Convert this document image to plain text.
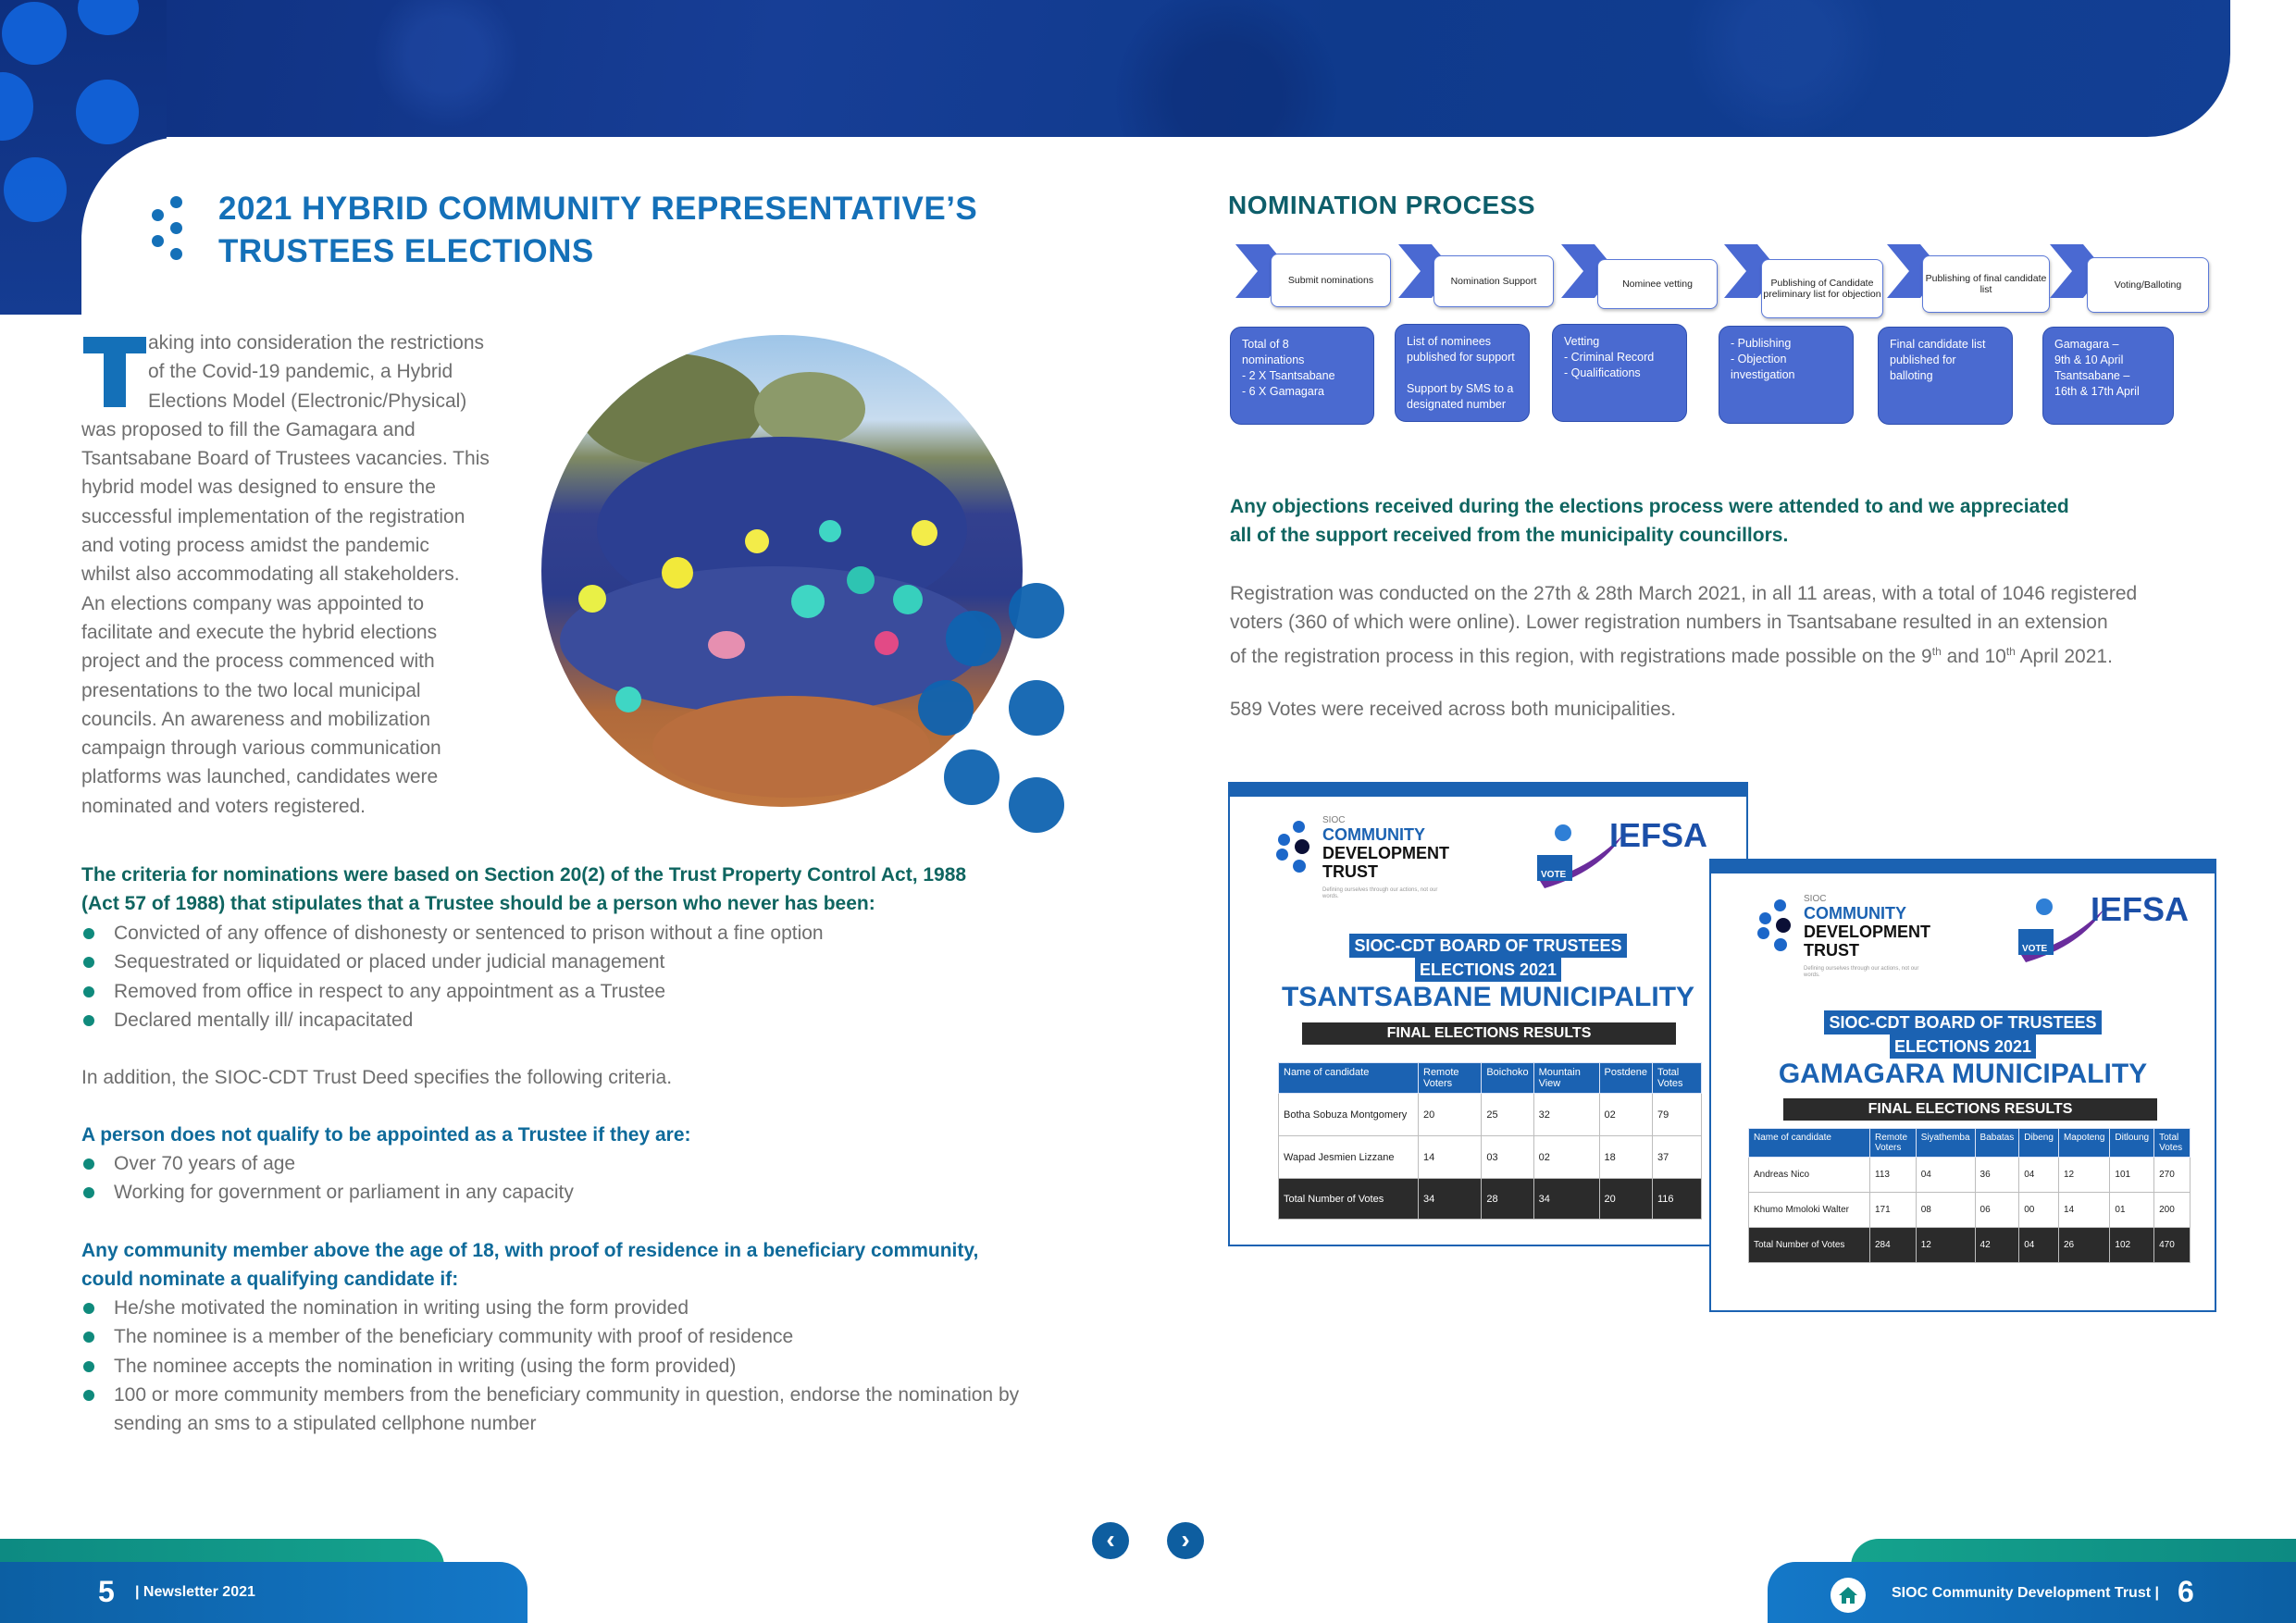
2021 HYBRID COMMUNITY REPRESENTATIVE’S
TRUSTEES ELECTIONS
aking into consideration the restrictions
of the Covid-19 pandemic, a Hybrid
Elections Model (Electronic/Physical)
was proposed to fill the Gamagara and
Tsantsabane Board of Trustees vacancies. This
hybrid model was designed to ensure the
successful implementation of the registration
and voting process amidst the pandemic
whilst also accommodating all stakeholders.
An elections company was appointed to
facilitate and execute the hybrid elections
project and the process commenced with
presentations to the two local municipal
councils. An awareness and mobilization
campaign through various communication
platforms was launched, candidates were
nominated and voters registered.
The criteria for nominations were based on Section 20(2) of the Trust Property Control Act, 1988
(Act 57 of 1988) that stipulates that a Trustee should be a person who never has been:
Convicted of any offence of dishonesty or sentenced to prison without a fine option
Sequestrated or liquidated or placed under judicial management
Removed from office in respect to any appointment as a Trustee
Declared mentally ill/ incapacitated
In addition, the SIOC-CDT Trust Deed specifies the following criteria.
A person does not qualify to be appointed as a Trustee if they are:
Over 70 years of age
Working for government or parliament in any capacity
Any community member above the age of 18, with proof of residence in a beneficiary community,
could nominate a qualifying candidate if:
He/she motivated the nomination in writing using the form provided
The nominee is a member of the beneficiary community with proof of residence
The nominee accepts the nomination in writing (using the form provided)
100 or more community members from the beneficiary community in question, endorse the nomination by sending an sms to a stipulated cellphone number
NOMINATION PROCESS
Submit nominations
Total of 8
nominations
- 2 X Tsantsabane
- 6 X Gamagara
Nomination Support
List of nominees
published for support

Support by SMS to a
designated number
Nominee vetting
Vetting
- Criminal Record
- Qualifications
Publishing of Candidate preliminary list for objection
- Publishing
- Objection
investigation
Publishing of final candidate list
Final candidate list
published for
balloting
Voting/Balloting
Gamagara –
9th & 10 April
Tsantsabane –
16th & 17th April
Any objections received during the elections process were attended to and we appreciated
all of the support received from the municipality councillors.
Registration was conducted on the 27th & 28th March 2021, in all 11 areas, with a total of 1046 registered
voters (360 of which were online). Lower registration numbers in Tsantsabane resulted in an extension
of the registration process in this region, with registrations made possible on the 9th and 10th April 2021.
589 Votes were received across both municipalities.
SIOC
COMMUNITY
DEVELOPMENT
TRUST
Defining ourselves through our actions, not our words.
VOTE
IEFSA
SIOC-CDT BOARD OF TRUSTEES
ELECTIONS 2021
TSANTSABANE MUNICIPALITY
FINAL ELECTIONS RESULTS
Name of candidate	Remote Voters	Boichoko	Mountain View	Postdene	Total Votes
Botha Sobuza Montgomery	20	25	32	02	79
Wapad Jesmien Lizzane	14	03	02	18	37
Total Number of Votes	34	28	34	20	116
SIOC
COMMUNITY
DEVELOPMENT
TRUST
Defining ourselves through our actions, not our words.
VOTE
IEFSA
SIOC-CDT BOARD OF TRUSTEES
ELECTIONS 2021
GAMAGARA MUNICIPALITY
FINAL ELECTIONS RESULTS
Name of candidate	Remote Voters	Siyathemba	Babatas	Dibeng	Mapoteng	Ditloung	Total Votes
Andreas Nico	113	04	36	04	12	101	270
Khumo Mmoloki Walter	171	08	06	00	14	01	200
Total Number of Votes	284	12	42	04	26	102	470
5 | Newsletter 2021	SIOC Community Development Trust | 6
‹	›
